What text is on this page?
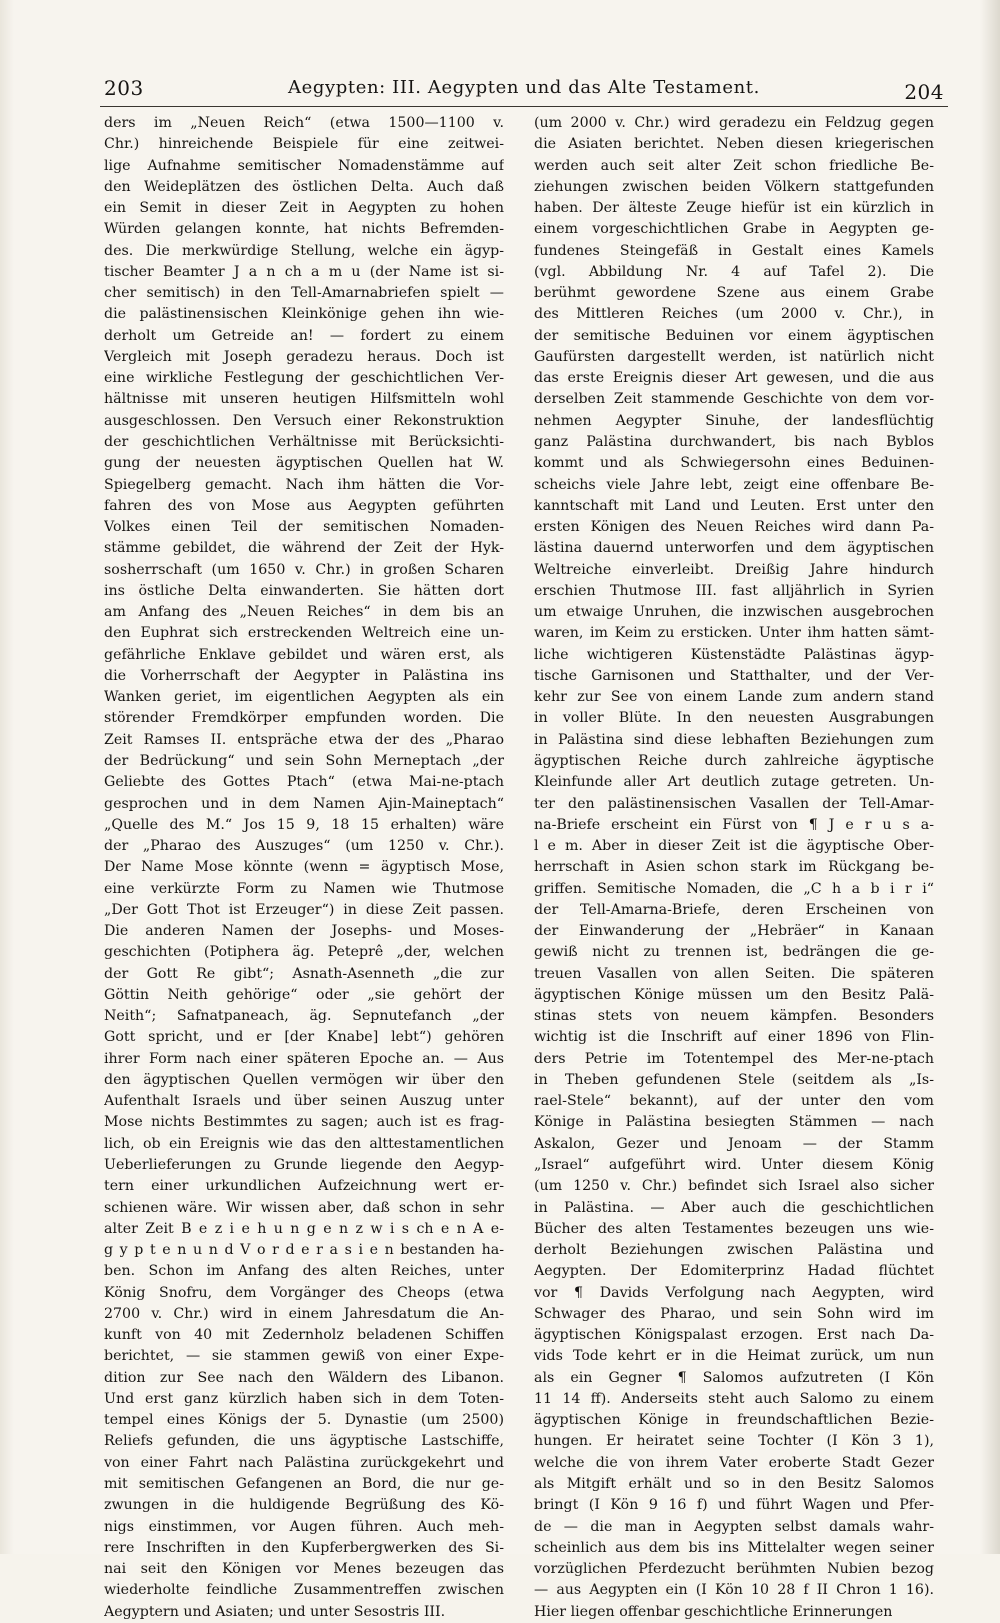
203	Aegypten: III. Aegypten und das Alte Testament.	204
ders im „Neuen Reich“ (etwa 1500—1100 v.
Chr.) hinreichende Beispiele für eine zeitwei-
lige Aufnahme semitischer Nomadenstämme auf
den Weideplätzen des östlichen Delta. Auch daß
ein Semit in dieser Zeit in Aegypten zu hohen
Würden gelangen konnte, hat nichts Befremden-
des. Die merkwürdige Stellung, welche ein ägyp-
tischer Beamter J a n ch a m u (der Name ist si-
cher semitisch) in den Tell-Amarnabriefen spielt —
die palästinensischen Kleinkönige gehen ihn wie-
derholt um Getreide an! — fordert zu einem
Vergleich mit Joseph geradezu heraus. Doch ist
eine wirkliche Festlegung der geschichtlichen Ver-
hältnisse mit unseren heutigen Hilfsmitteln wohl
ausgeschlossen. Den Versuch einer Rekonstruktion
der geschichtlichen Verhältnisse mit Berücksichti-
gung der neuesten ägyptischen Quellen hat W.
Spiegelberg gemacht. Nach ihm hätten die Vor-
fahren des von Mose aus Aegypten geführten
Volkes einen Teil der semitischen Nomaden-
stämme gebildet, die während der Zeit der Hyk-
sosherrschaft (um 1650 v. Chr.) in großen Scharen
ins östliche Delta einwanderten. Sie hätten dort
am Anfang des „Neuen Reiches“ in dem bis an
den Euphrat sich erstreckenden Weltreich eine un-
gefährliche Enklave gebildet und wären erst, als
die Vorherrschaft der Aegypter in Palästina ins
Wanken geriet, im eigentlichen Aegypten als ein
störender Fremdkörper empfunden worden. Die
Zeit Ramses II. entspräche etwa der des „Pharao
der Bedrückung“ und sein Sohn Merneptach „der
Geliebte des Gottes Ptach“ (etwa Mai-ne-ptach
gesprochen und in dem Namen Ajin-Maineptach“
„Quelle des M.“ Jos 15 9, 18 15 erhalten) wäre
der „Pharao des Auszuges“ (um 1250 v. Chr.).
Der Name Mose könnte (wenn = ägyptisch Mose,
eine verkürzte Form zu Namen wie Thutmose
„Der Gott Thot ist Erzeuger“) in diese Zeit passen.
Die anderen Namen der Josephs- und Moses-
geschichten (Potiphera äg. Peteprê „der, welchen
der Gott Re gibt“; Asnath-Asenneth „die zur
Göttin Neith gehörige“ oder „sie gehört der
Neith“; Safnatpaneach, äg. Sepnutefanch „der
Gott spricht, und er [der Knabe] lebt“) gehören
ihrer Form nach einer späteren Epoche an. — Aus
den ägyptischen Quellen vermögen wir über den
Aufenthalt Israels und über seinen Auszug unter
Mose nichts Bestimmtes zu sagen; auch ist es frag-
lich, ob ein Ereignis wie das den alttestamentlichen
Ueberlieferungen zu Grunde liegende den Aegyp-
tern einer urkundlichen Aufzeichnung wert er-
schienen wäre. Wir wissen aber, daß schon in sehr
alter Zeit B e z i e h u n g e n z w i s ch e n A e-
g y p t e n u n d V o r d e r a s i e n bestanden ha-
ben. Schon im Anfang des alten Reiches, unter
König Snofru, dem Vorgänger des Cheops (etwa
2700 v. Chr.) wird in einem Jahresdatum die An-
kunft von 40 mit Zedernholz beladenen Schiffen
berichtet, — sie stammen gewiß von einer Expe-
dition zur See nach den Wäldern des Libanon.
Und erst ganz kürzlich haben sich in dem Toten-
tempel eines Königs der 5. Dynastie (um 2500)
Reliefs gefunden, die uns ägyptische Lastschiffe,
von einer Fahrt nach Palästina zurückgekehrt und
mit semitischen Gefangenen an Bord, die nur ge-
zwungen in die huldigende Begrüßung des Kö-
nigs einstimmen, vor Augen führen. Auch meh-
rere Inschriften in den Kupferbergwerken des Si-
nai seit den Königen vor Menes bezeugen das
wiederholte feindliche Zusammentreffen zwischen
Aegyptern und Asiaten; und unter Sesostris III.
(um 2000 v. Chr.) wird geradezu ein Feldzug gegen
die Asiaten berichtet. Neben diesen kriegerischen
werden auch seit alter Zeit schon friedliche Be-
ziehungen zwischen beiden Völkern stattgefunden
haben. Der älteste Zeuge hiefür ist ein kürzlich in
einem vorgeschichtlichen Grabe in Aegypten ge-
fundenes Steingefäß in Gestalt eines Kamels
(vgl. Abbildung Nr. 4 auf Tafel 2). Die
berühmt gewordene Szene aus einem Grabe
des Mittleren Reiches (um 2000 v. Chr.), in
der semitische Beduinen vor einem ägyptischen
Gaufürsten dargestellt werden, ist natürlich nicht
das erste Ereignis dieser Art gewesen, und die aus
derselben Zeit stammende Geschichte von dem vor-
nehmen Aegypter Sinuhe, der landesflüchtig
ganz Palästina durchwandert, bis nach Byblos
kommt und als Schwiegersohn eines Beduinen-
scheichs viele Jahre lebt, zeigt eine offenbare Be-
kanntschaft mit Land und Leuten. Erst unter den
ersten Königen des Neuen Reiches wird dann Pa-
lästina dauernd unterworfen und dem ägyptischen
Weltreiche einverleibt. Dreißig Jahre hindurch
erschien Thutmose III. fast alljährlich in Syrien
um etwaige Unruhen, die inzwischen ausgebrochen
waren, im Keim zu ersticken. Unter ihm hatten sämt-
liche wichtigeren Küstenstädte Palästinas ägyp-
tische Garnisonen und Statthalter, und der Ver-
kehr zur See von einem Lande zum andern stand
in voller Blüte. In den neuesten Ausgrabungen
in Palästina sind diese lebhaften Beziehungen zum
ägyptischen Reiche durch zahlreiche ägyptische
Kleinfunde aller Art deutlich zutage getreten. Un-
ter den palästinensischen Vasallen der Tell-Amar-
na-Briefe erscheint ein Fürst von ¶ J e r u s a-
l e m. Aber in dieser Zeit ist die ägyptische Ober-
herrschaft in Asien schon stark im Rückgang be-
griffen. Semitische Nomaden, die „C h a b i r i“
der Tell-Amarna-Briefe, deren Erscheinen von
der Einwanderung der „Hebräer“ in Kanaan
gewiß nicht zu trennen ist, bedrängen die ge-
treuen Vasallen von allen Seiten. Die späteren
ägyptischen Könige müssen um den Besitz Palä-
stinas stets von neuem kämpfen. Besonders
wichtig ist die Inschrift auf einer 1896 von Flin-
ders Petrie im Totentempel des Mer-ne-ptach
in Theben gefundenen Stele (seitdem als „Is-
rael-Stele“ bekannt), auf der unter den vom
Könige in Palästina besiegten Stämmen — nach
Askalon, Gezer und Jenoam — der Stamm
„Israel“ aufgeführt wird. Unter diesem König
(um 1250 v. Chr.) befindet sich Israel also sicher
in Palästina. — Aber auch die geschichtlichen
Bücher des alten Testamentes bezeugen uns wie-
derholt Beziehungen zwischen Palästina und
Aegypten. Der Edomiterprinz Hadad flüchtet
vor ¶ Davids Verfolgung nach Aegypten, wird
Schwager des Pharao, und sein Sohn wird im
ägyptischen Königspalast erzogen. Erst nach Da-
vids Tode kehrt er in die Heimat zurück, um nun
als ein Gegner ¶ Salomos aufzutreten (I Kön
11 14 ff). Anderseits steht auch Salomo zu einem
ägyptischen Könige in freundschaftlichen Bezie-
hungen. Er heiratet seine Tochter (I Kön 3 1),
welche die von ihrem Vater eroberte Stadt Gezer
als Mitgift erhält und so in den Besitz Salomos
bringt (I Kön 9 16 f) und führt Wagen und Pfer-
de — die man in Aegypten selbst damals wahr-
scheinlich aus dem bis ins Mittelalter wegen seiner
vorzüglichen Pferdezucht berühmten Nubien bezog
— aus Aegypten ein (I Kön 10 28 f II Chron 1 16).
Hier liegen offenbar geschichtliche Erinnerungen
